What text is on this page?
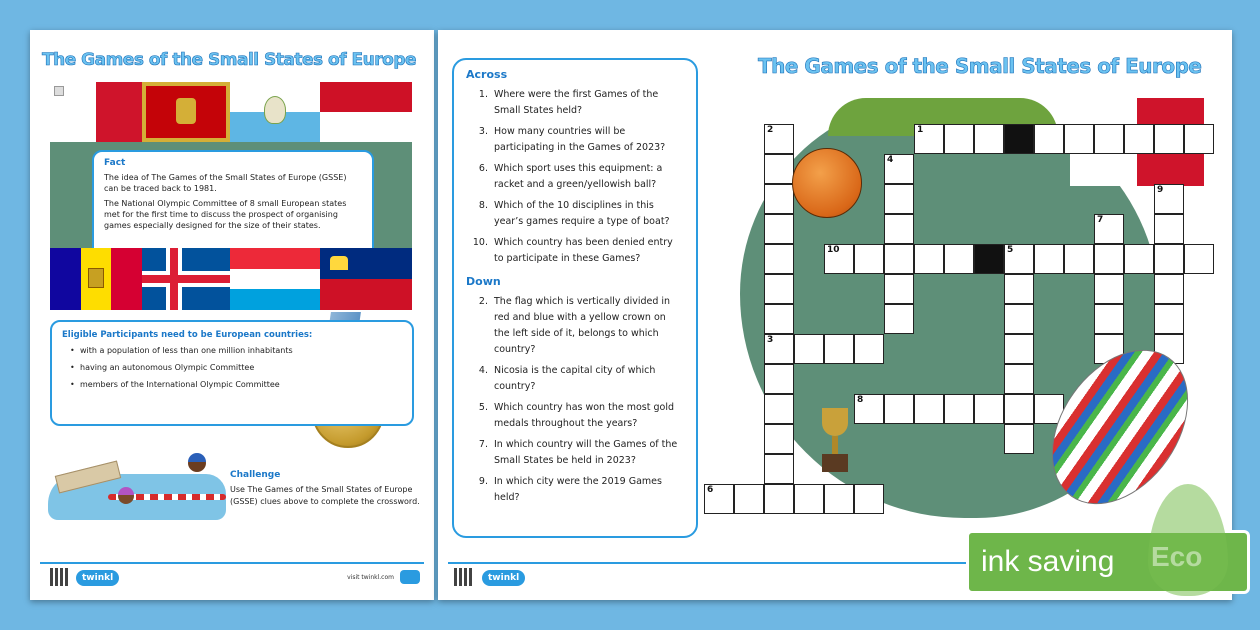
The Games of the Small States of Europe
Fact

The idea of The Games of the Small States of Europe (GSSE) can be traced back to 1981.

The National Olympic Committee of 8 small European states met for the first time to discuss the prospect of organising games especially designed for the size of their states.

Eligible Participants need to be European countries:
• with a population of less than one million inhabitants
• having an autonomous Olympic Committee
• members of the International Olympic Committee
Challenge

Use The Games of the Small States of Europe (GSSE) clues above to complete the crossword.

twinkl	visit twinkl.com
Across
1. Where were the first Games of the Small States held?
3. How many countries will be participating in the Games of 2023?
6. Which sport uses this equipment: a racket and a green/yellowish ball?
8. Which of the 10 disciplines in this year’s games require a type of boat?
10. Which country has been denied entry to participate in these Games?
Down
2. The flag which is vertically divided in red and blue with a yellow crown on the left side of it, belongs to which country?
4. Nicosia is the capital city of which country?
5. Which country has won the most gold medals throughout the years?
7. In which country will the Games of the Small States be held in 2023?
9. In which city were the 2019 Games held?
The Games of the Small States of Europe
1
2
4
9
7
10	5
3
8
6
twinkl	ink saving
